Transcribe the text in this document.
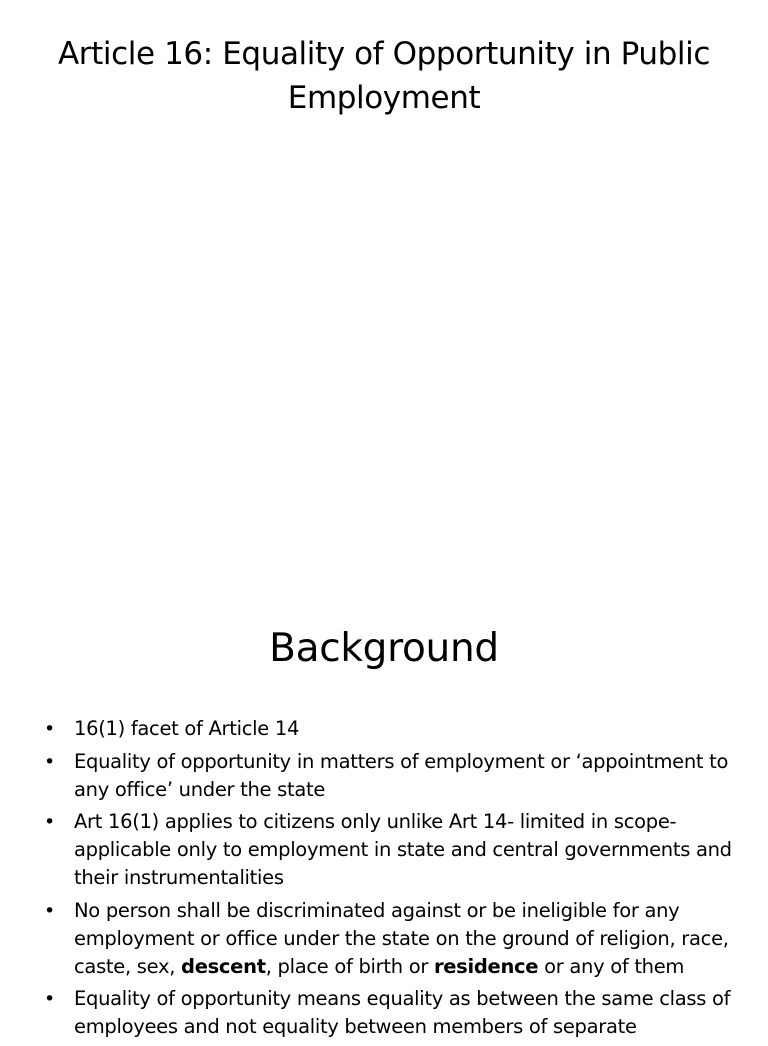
Article 16: Equality of Opportunity in Public Employment
Background
• 16(1) facet of Article 14
• Equality of opportunity in matters of employment or ‘appointment to any office’ under the state
• Art 16(1) applies to citizens only unlike Art 14- limited in scope- applicable only to employment in state and central governments and their instrumentalities
• No person shall be discriminated against or be ineligible for any employment or office under the state on the ground of religion, race, caste, sex, descent, place of birth or residence or any of them
• Equality of opportunity means equality as between the same class of employees and not equality between members of separate
